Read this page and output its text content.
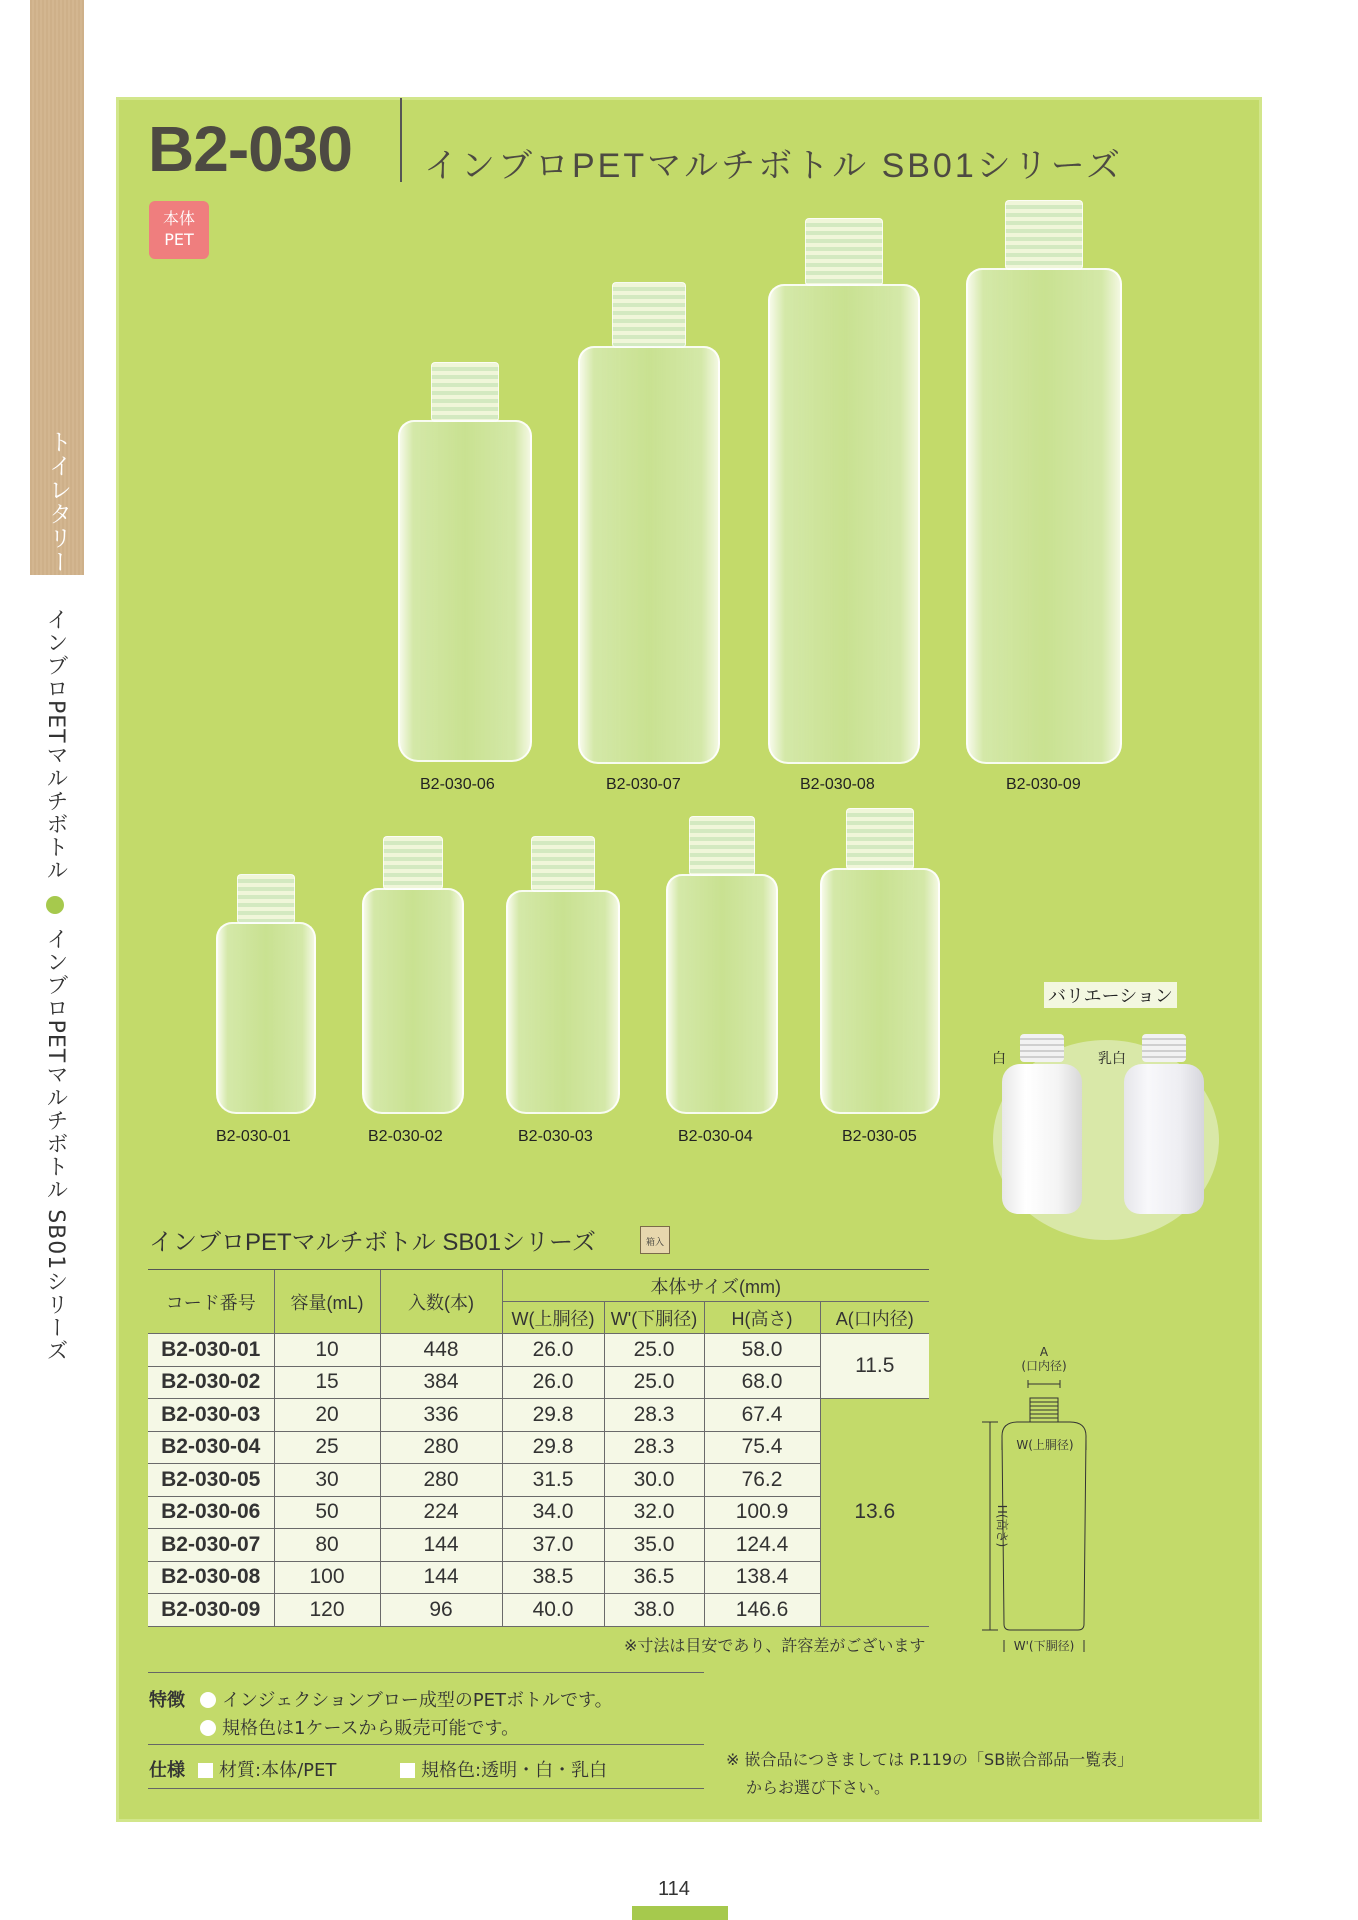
トイレタリー
インブロPETマルチボトル  インブロPETマルチボトル SB01シリーズ
B2-030 インブロPETマルチボトル SB01シリーズ
本体
PET
B2-030-06	B2-030-07	B2-030-08	B2-030-09
B2-030-01	B2-030-02	B2-030-03	B2-030-04	B2-030-05
バリエーション
白	乳白
インブロPETマルチボトル SB01シリーズ	箱入
コード番号	容量(mL)	入数(本)	本体サイズ(mm)			
			W(上胴径)	W'(下胴径)	H(高さ)	A(口内径)
B2-030-01	10	448	26.0	25.0	58.0	11.5
B2-030-02	15	384	26.0	25.0	68.0	
B2-030-03	20	336	29.8	28.3	67.4	13.6
B2-030-04	25	280	29.8	28.3	75.4	
B2-030-05	30	280	31.5	30.0	76.2	
B2-030-06	50	224	34.0	32.0	100.9	
B2-030-07	80	144	37.0	35.0	124.4	
B2-030-08	100	144	38.5	36.5	138.4	
B2-030-09	120	96	40.0	38.0	146.6	
※寸法は目安であり、許容差がございます
A
(口内径)
W(上胴径)
H(高さ)
W'(下胴径)
特徴	インジェクションブロー成型のPETボトルです。
規格色は1ケースから販売可能です。
仕様	材質:本体/PET	規格色:透明・白・乳白
※ 嵌合品につきましては P.119の「SB嵌合部品一覧表」
からお選び下さい。
114
